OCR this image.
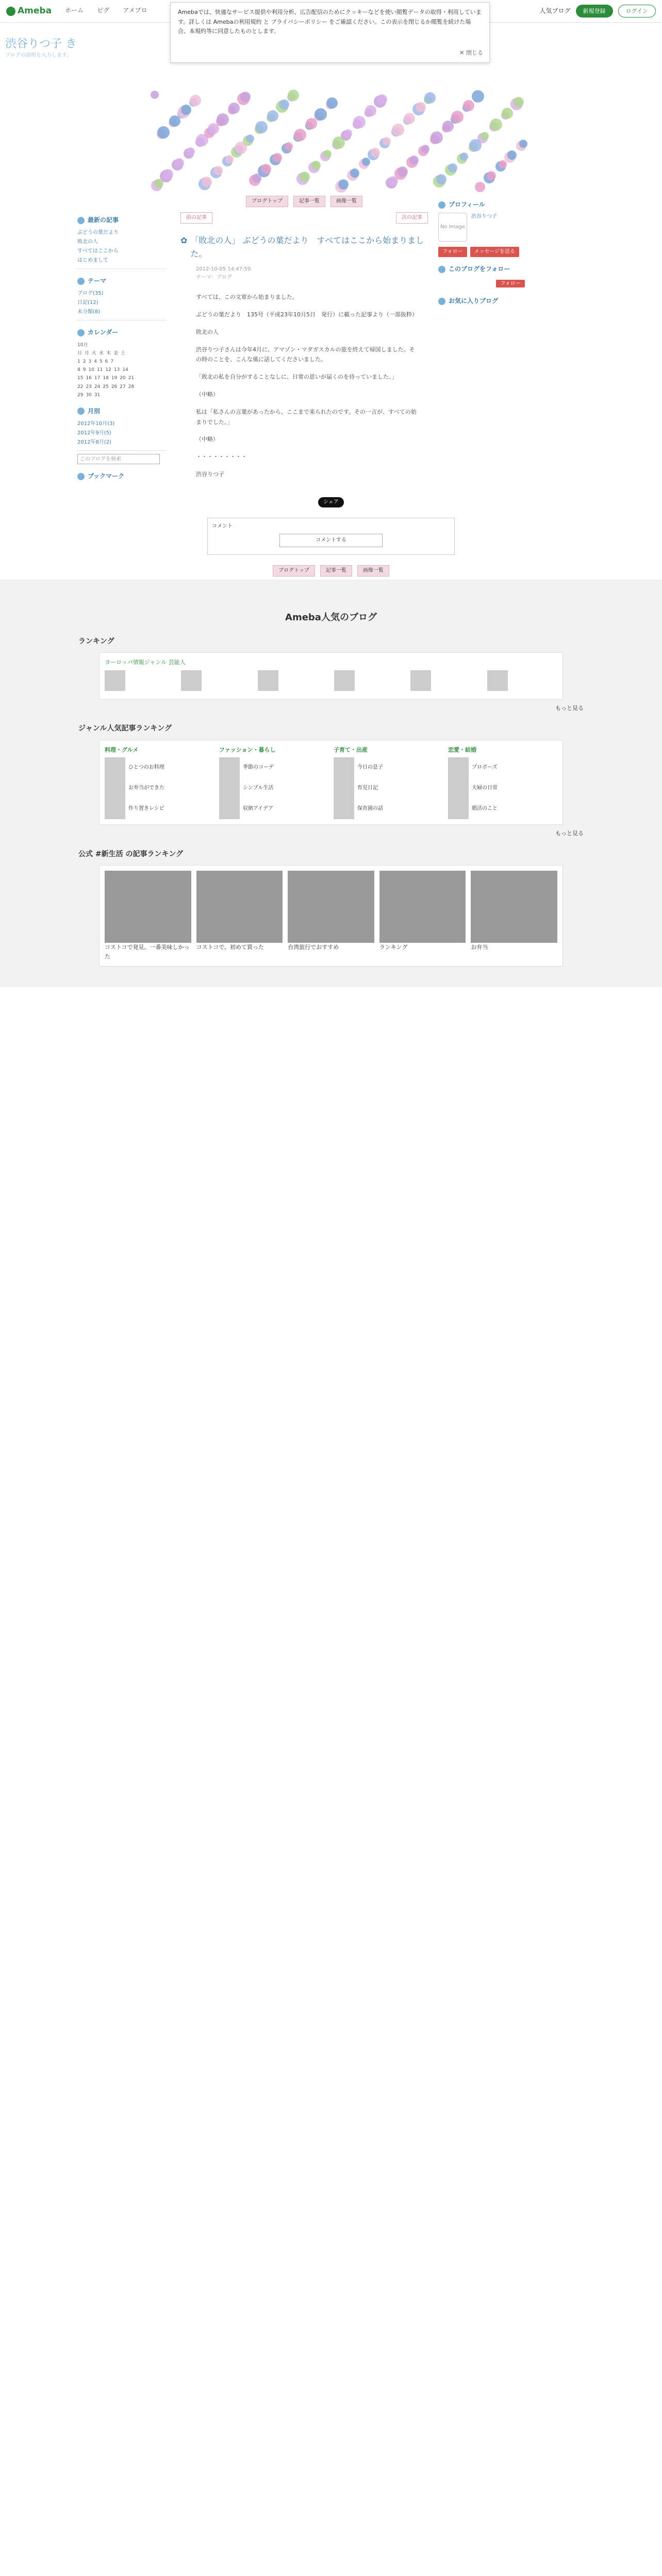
Ameba ホーム ピグ アメブロ	人気ブログ	新規登録	ログイン
Amebaでは、快適なサービス提供や利用分析、広告配信のためにクッキーなどを使い閲覧データの取得・利用しています。詳しくは Amebaの利用規約 と プライバシーポリシー をご確認ください。この表示を閉じるか閲覧を続けた場合、本規約等に同意したものとします。
✕ 閉じる
渋谷りつ子 き
ブログの説明を入力します。
最新の記事
ぶどうの葉だより
敗北の人
すべてはここから
はじめまして
テーマ
ブログ(35)
日記(12)
未分類(8)
カレンダー
10月
日 月 火 水 木 金 土
1 2 3 4 5 6 7
8 9 10 11 12 13 14
15 16 17 18 19 20 21
22 23 24 25 26 27 28
29 30 31
月別
2012年10月(3)
2012年9月(5)
2012年8月(2)
このブログを検索
ブックマーク
ブログトップ	記事一覧	画像一覧
前の記事	次の記事
✿ 「敗北の人」 ぶどうの葉だより　すべてはここから始まりました。
2012-10-05 14:47:59
テーマ：ブログ

すべては、この文章から始まりました。

ぶどうの葉だより　135号（平成23年10月5日　発行）に載った記事より（一部抜粋）

敗北の人

渋谷りつ子さんは今年4月に、アマゾン・マダガスカルの旅を終えて帰国しました。その時のことを、こんな風に話してくださいました。

「敗北の私を自分がすることなしに、日常の思いが届くのを待っていました。」

（中略）

私は「私さんの言葉があったから、ここまで来られたのです。その一言が、すべての始まりでした。」

（中略）

・・・・・・・・・

渋谷りつ子

プロフィール
No Image
渋谷りつ子
フォロー	メッセージを送る
このブログをフォロー
フォロー
お気に入りブログ
シェア
コメント
コメントする
ブログトップ	記事一覧	画像一覧
Ameba人気のブログ
ランキング
ヨーロッパ情報ジャンル 芸能人
もっと見る
ジャンル人気記事ランキング
料理・グルメ
ひとつのお料理
お弁当ができた
作り置きレシピ
ファッション・暮らし
季節のコーデ
シンプル生活
収納アイデア
子育て・出産
今日の息子
育児日記
保育園の話
恋愛・結婚
プロポーズ
夫婦の日常
婚活のこと
もっと見る
公式 #新生活 の記事ランキング
コストコで発見。一番美味しかった
コストコで、初めて買った	台湾旅行でおすすめ	ランキング	お弁当
